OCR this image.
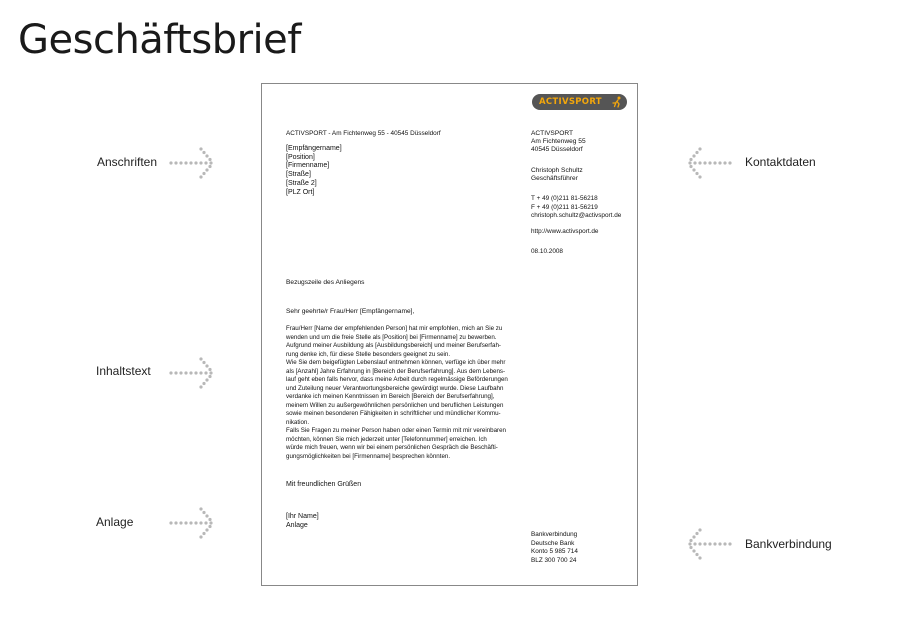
Geschäftsbrief
Anschriften
Inhaltstext
Anlage
Kontaktdaten
Bankverbindung
ACTIVSPORT
ACTIVSPORT - Am Fichtenweg 55 - 40545 Düsseldorf
[Empfängername]
[Position]
[Firmenname]
[Straße]
[Straße 2]
[PLZ Ort]
ACTIVSPORT
Am Fichtenweg 55
40545 Düsseldorf
Christoph Schultz
Geschäftsführer
T + 49 (0)211 81-56218
F + 49 (0)211 81-56219
christoph.schultz@activsport.de
http://www.activsport.de
08.10.2008
Bezugszeile des Anliegens
Sehr geehrte/r Frau/Herr [Empfängername],
Frau/Herr [Name der empfehlenden Person] hat mir empfohlen, mich an Sie zu
wenden und um die freie Stelle als [Position] bei [Firmenname] zu bewerben.
Aufgrund meiner Ausbildung als [Ausbildungsbereich] und meiner Berufserfah-
rung denke ich, für diese Stelle besonders geeignet zu sein.
Wie Sie dem beigefügten Lebenslauf entnehmen können, verfüge ich über mehr
als [Anzahl] Jahre Erfahrung in [Bereich der Berufserfahrung]. Aus dem Lebens-
lauf geht eben falls hervor, dass meine Arbeit durch regelmässige Beförderungen
und Zuteilung neuer Verantwortungsbereiche gewürdigt wurde. Diese Laufbahn
verdanke ich meinen Kenntnissen im Bereich [Bereich der Berufserfahrung],
meinem Willen zu außergewöhnlichen persönlichen und beruflichen Leistungen
sowie meinen besonderen Fähigkeiten in schriftlicher und mündlicher Kommu-
nikation.
Falls Sie Fragen zu meiner Person haben oder einen Termin mit mir vereinbaren
möchten, können Sie mich jederzeit unter [Telefonnummer] erreichen. Ich
würde mich freuen, wenn wir bei einem persönlichen Gespräch die Beschäfti-
gungsmöglichkeiten bei [Firmenname] besprechen könnten.
Mit freundlichen Grüßen
[Ihr Name]
Anlage
Bankverbindung
Deutsche Bank
Konto 5 985 714
BLZ 300 700 24
